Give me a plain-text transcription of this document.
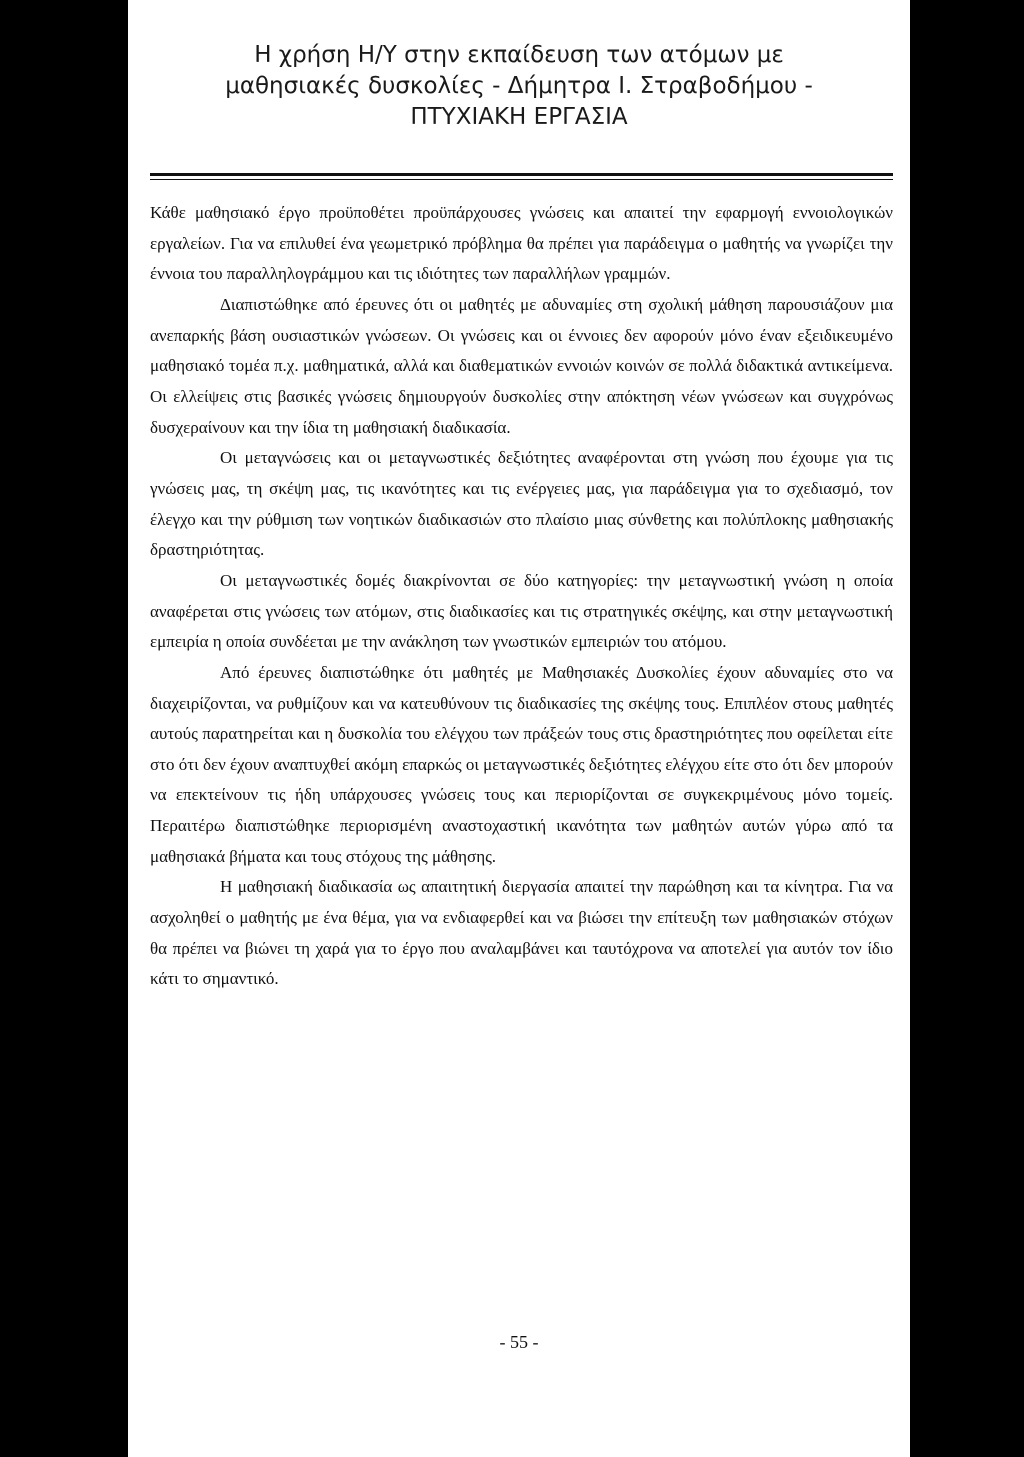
Η χρήση Η/Υ στην εκπαίδευση των ατόμων με
μαθησιακές δυσκολίες - Δήμητρα Ι. Στραβοδήμου -
ΠΤΥΧΙΑΚΗ ΕΡΓΑΣΙΑ

Κάθε μαθησιακό έργο προϋποθέτει προϋπάρχουσες γνώσεις και απαιτεί την εφαρμογή εννοιολογικών εργαλείων. Για να επιλυθεί ένα γεωμετρικό πρόβλημα θα πρέπει για παράδειγμα ο μαθητής να γνωρίζει την έννοια του παραλληλογράμμου και τις ιδιότητες των παραλλήλων γραμμών.

Διαπιστώθηκε από έρευνες ότι οι μαθητές με αδυναμίες στη σχολική μάθηση παρουσιάζουν μια ανεπαρκής βάση ουσιαστικών γνώσεων. Οι γνώσεις και οι έννοιες δεν αφορούν μόνο έναν εξειδικευμένο μαθησιακό τομέα π.χ. μαθηματικά, αλλά και διαθεματικών εννοιών κοινών σε πολλά διδακτικά αντικείμενα. Οι ελλείψεις στις βασικές γνώσεις δημιουργούν δυσκολίες στην απόκτηση νέων γνώσεων και συγχρόνως δυσχεραίνουν και την ίδια τη μαθησιακή διαδικασία.

Οι μεταγνώσεις και οι μεταγνωστικές δεξιότητες αναφέρονται στη γνώση που έχουμε για τις γνώσεις μας, τη σκέψη μας, τις ικανότητες και τις ενέργειες μας, για παράδειγμα για το σχεδιασμό, τον έλεγχο και την ρύθμιση των νοητικών διαδικασιών στο πλαίσιο μιας σύνθετης και πολύπλοκης μαθησιακής δραστηριότητας.

Οι μεταγνωστικές δομές διακρίνονται σε δύο κατηγορίες: την μεταγνωστική γνώση η οποία αναφέρεται στις γνώσεις των ατόμων, στις διαδικασίες και τις στρατηγικές σκέψης, και στην μεταγνωστική εμπειρία η οποία συνδέεται με την ανάκληση των γνωστικών εμπειριών του ατόμου.

Από έρευνες διαπιστώθηκε ότι μαθητές με Μαθησιακές Δυσκολίες έχουν αδυναμίες στο να διαχειρίζονται, να ρυθμίζουν και να κατευθύνουν τις διαδικασίες της σκέψης τους. Επιπλέον στους μαθητές αυτούς παρατηρείται και η δυσκολία του ελέγχου των πράξεών τους στις δραστηριότητες που οφείλεται είτε στο ότι δεν έχουν αναπτυχθεί ακόμη επαρκώς οι μεταγνωστικές δεξιότητες ελέγχου είτε στο ότι δεν μπορούν να επεκτείνουν τις ήδη υπάρχουσες γνώσεις τους και περιορίζονται σε συγκεκριμένους μόνο τομείς. Περαιτέρω διαπιστώθηκε περιορισμένη αναστοχαστική ικανότητα των μαθητών αυτών γύρω από τα μαθησιακά βήματα και τους στόχους της μάθησης.

Η μαθησιακή διαδικασία ως απαιτητική διεργασία απαιτεί την παρώθηση και τα κίνητρα. Για να ασχοληθεί ο μαθητής με ένα θέμα, για να ενδιαφερθεί και να βιώσει την επίτευξη των μαθησιακών στόχων θα πρέπει να βιώνει τη χαρά για το έργο που αναλαμβάνει και ταυτόχρονα να αποτελεί για αυτόν τον ίδιο κάτι το σημαντικό.

- 55 -
